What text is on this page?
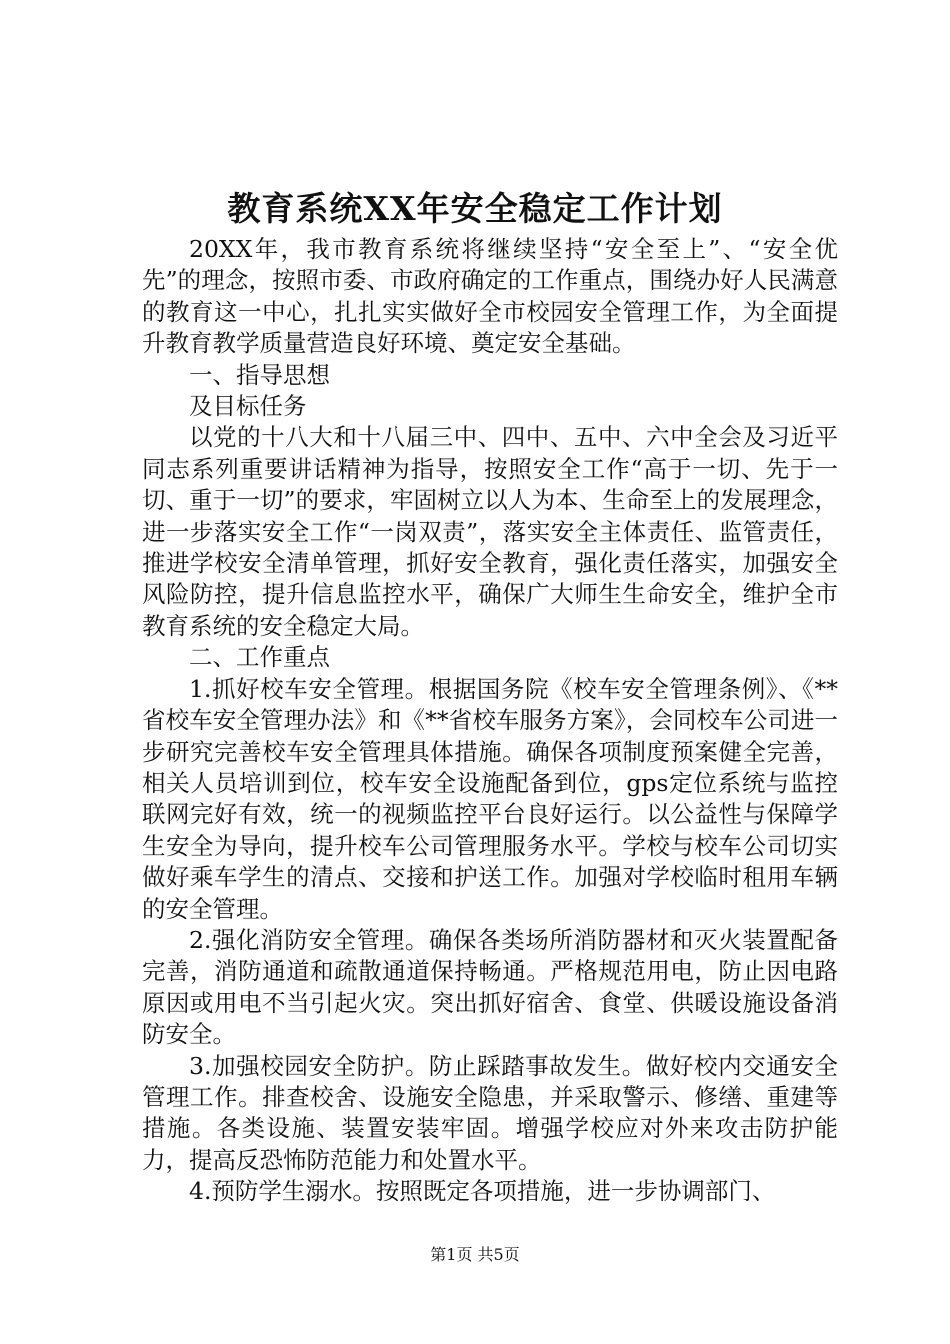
教育系统XX年安全稳定工作计划

20XX年，我市教育系统将继续坚持“安全至上”、“安全优先”的理念，按照市委、市政府确定的工作重点，围绕办好人民满意的教育这一中心，扎扎实实做好全市校园安全管理工作，为全面提升教育教学质量营造良好环境、奠定安全基础。

一、指导思想

及目标任务

以党的十八大和十八届三中、四中、五中、六中全会及习近平同志系列重要讲话精神为指导，按照安全工作“高于一切、先于一切、重于一切”的要求，牢固树立以人为本、生命至上的发展理念，进一步落实安全工作“一岗双责”，落实安全主体责任、监管责任，推进学校安全清单管理，抓好安全教育，强化责任落实，加强安全风险防控，提升信息监控水平，确保广大师生生命安全，维护全市教育系统的安全稳定大局。

二、工作重点

1.抓好校车安全管理。根据国务院《校车安全管理条例》、《**省校车安全管理办法》和《**省校车服务方案》，会同校车公司进一步研究完善校车安全管理具体措施。确保各项制度预案健全完善，相关人员培训到位，校车安全设施配备到位，gps定位系统与监控联网完好有效，统一的视频监控平台良好运行。以公益性与保障学生安全为导向，提升校车公司管理服务水平。学校与校车公司切实做好乘车学生的清点、交接和护送工作。加强对学校临时租用车辆的安全管理。

2.强化消防安全管理。确保各类场所消防器材和灭火装置配备完善，消防通道和疏散通道保持畅通。严格规范用电，防止因电路原因或用电不当引起火灾。突出抓好宿舍、食堂、供暖设施设备消防安全。

3.加强校园安全防护。防止踩踏事故发生。做好校内交通安全管理工作。排查校舍、设施安全隐患，并采取警示、修缮、重建等措施。各类设施、装置安装牢固。增强学校应对外来攻击防护能力，提高反恐怖防范能力和处置水平。

4.预防学生溺水。按照既定各项措施，进一步协调部门、

第1页 共5页
